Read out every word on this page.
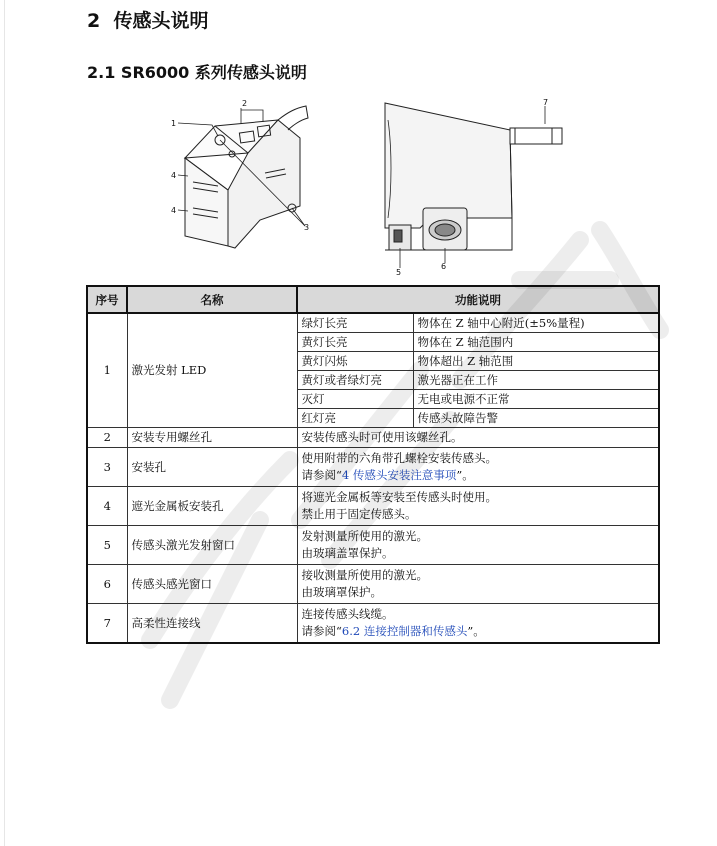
2 传感头说明
2.1 SR6000 系列传感头说明
1
2
3
4
4
5
6
7
序号	名称	功能说明	
1	激光发射 LED	绿灯长亮	物体在 Z 轴中心附近(±5%量程)
		黄灯长亮	物体在 Z 轴范围内
		黄灯闪烁	物体超出 Z 轴范围
		黄灯或者绿灯亮	激光器正在工作
		灭灯	无电或电源不正常
		红灯亮	传感头故障告警
2	安装专用螺丝孔	安装传感头时可使用该螺丝孔。	
3	安装孔	使用附带的六角带孔螺栓安装传感头。
请参阅“4 传感头安装注意事项”。	

4	遮光金属板安装孔	将遮光金属板等安装至传感头时使用。
禁止用于固定传感头。	

5	传感头激光发射窗口	发射测量所使用的激光。
由玻璃盖罩保护。	

6	传感头感光窗口	接收测量所使用的激光。
由玻璃罩保护。	

7	高柔性连接线	连接传感头线缆。
请参阅“6.2 连接控制器和传感头”。	
